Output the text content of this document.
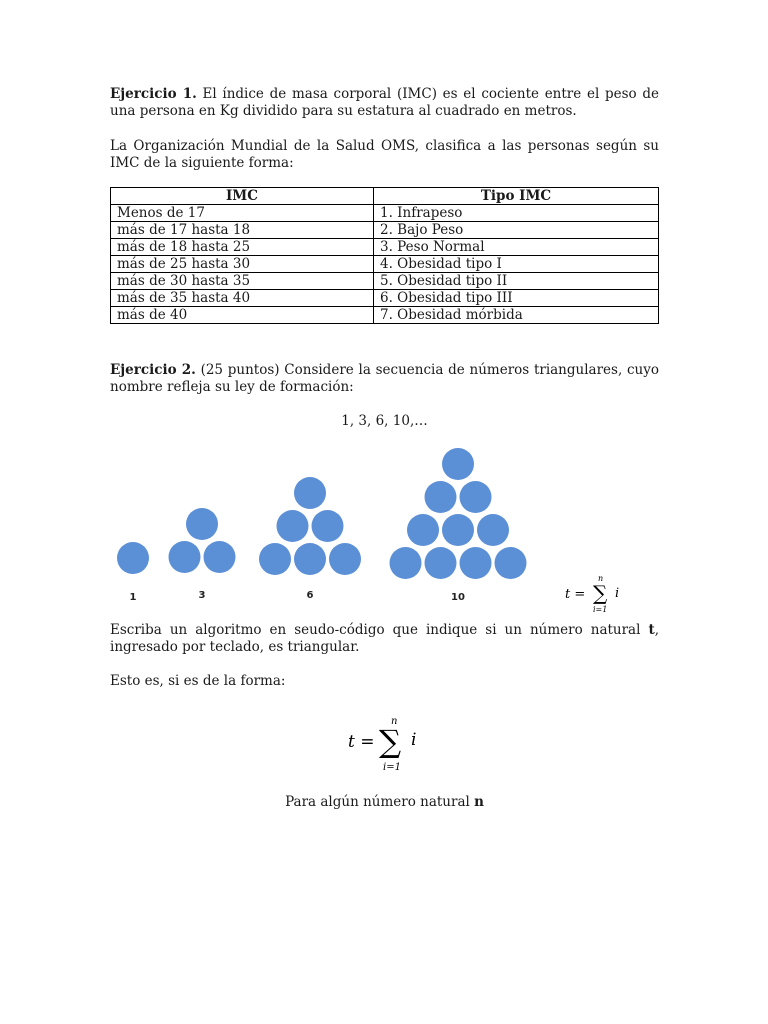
Ejercicio 1. El índice de masa corporal (IMC) es el cociente entre el peso de una persona en Kg dividido para su estatura al cuadrado en metros.
La Organización Mundial de la Salud OMS, clasifica a las personas según su IMC de la siguiente forma:
IMC	Tipo IMC
Menos de 17	1. Infrapeso
más de 17 hasta 18	2. Bajo Peso
más de 18 hasta 25	3. Peso Normal
más de 25 hasta 30	4. Obesidad tipo I
más de 30 hasta 35	5. Obesidad tipo II
más de 35 hasta 40	6. Obesidad tipo III
más de 40	7. Obesidad mórbida
Ejercicio 2. (25 puntos) Considere la secuencia de números triangulares, cuyo nombre refleja su ley de formación:
1, 3, 6, 10,…
1	3	6	10	t = ∑
n
i=1
i
Escriba un algoritmo en seudo-código que indique si un número natural t, ingresado por teclado, es triangular.
Esto es, si es de la forma:
t = ∑
n
i=1
i
Para algún número natural n
